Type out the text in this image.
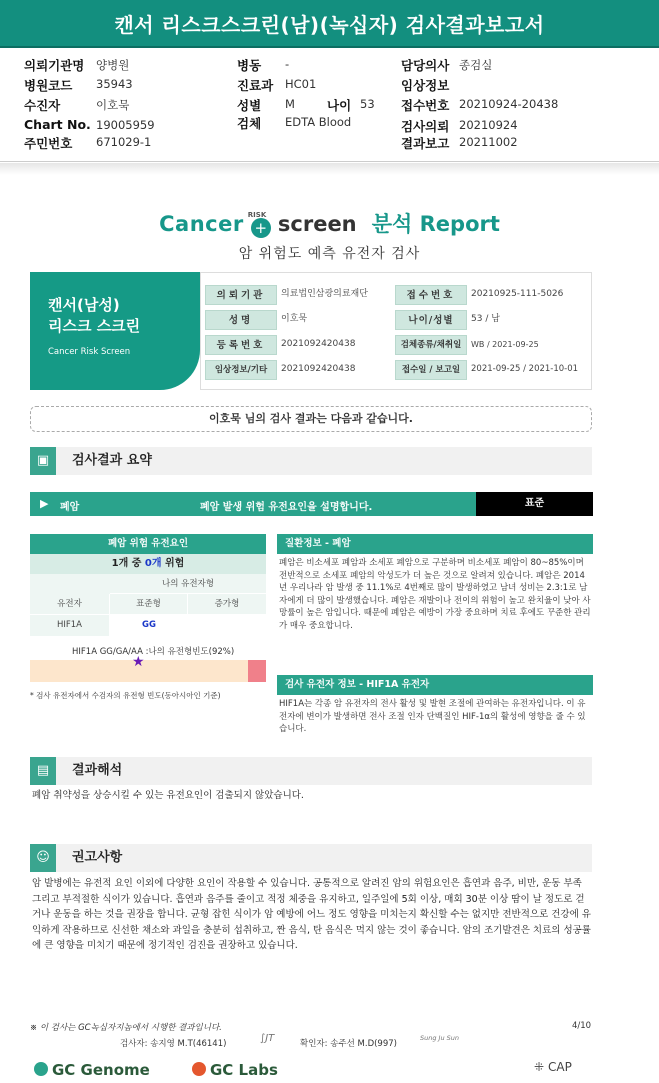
캔서 리스크스크린(남)(녹십자) 검사결과보고서
의뢰기관명 양병원
병원코드 35943
수진자	이호묵
Chart No. 19005959
주민번호 671029-1
병동 -
진료과 HC01
성별 M	나이 53
검체 EDTA Blood
담당의사 종검실
임상정보
접수번호 20210924-20438
검사의뢰 20210924
결과보고 20211002
Cancer +
RISK screen 분석 Report
암 위험도 예측 유전자 검사
캔서(남성)
리스크 스크린
Cancer Risk Screen
의뢰기관	의료법인삼광의료재단	접수번호	20210925-111-5026
성명	이호묵	나이/성별	53 / 남
등록번호	2021092420438	검체종류/채취일	WB / 2021-09-25
임상정보/기타	2021092420438	접수일 / 보고일	2021-09-25 / 2021-10-01
이호묵 님의 검사 결과는 다음과 같습니다.
▣	검사결과 요약
▶ 폐암	폐암 발생 위험 유전요인을 설명합니다.	표준
폐암 위험 유전요인
1개 중 0개 위험
나의 유전자형
유전자	표준형	증가형
HIF1A	GG
HIF1A GG/GA/AA :나의 유전형빈도(92%)
★
* 검사 유전자에서 수검자의 유전형 빈도(동아시아인 기준)
질환정보 - 폐암
폐암은 비소세포 폐암과 소세포 폐암으로 구분하며 비소세포 폐암이 80~85%이며 전반적으로 소세포 폐암의 악성도가 더 높은 것으로 알려져 있습니다. 폐암은 2014년 우리나라 암 발생 중 11.1%로 4번째로 많이 발생하였고 남녀 성비는 2.3:1로 남자에게 더 많이 발생했습니다. 폐암은 재발이나 전이의 위험이 높고 완치율이 낮아 사망률이 높은 암입니다. 때문에 폐암은 예방이 가장 중요하며 치료 후에도 꾸준한 관리가 매우 중요합니다.
검사 유전자 정보 - HIF1A 유전자
HIF1A는 각종 암 유전자의 전사 활성 및 발현 조절에 관여하는 유전자입니다. 이 유전자에 변이가 발생하면 전사 조절 인자 단백질인 HIF-1α의 활성에 영향을 줄 수 있습니다.
▤	결과해석
폐암 취약성을 상승시킬 수 있는 유전요인이 검출되지 않았습니다.
☺	권고사항
암 발병에는 유전적 요인 이외에 다양한 요인이 작용할 수 있습니다. 공통적으로 알려진 암의 위험요인은 흡연과 음주, 비만, 운동 부족 그리고 부적절한 식이가 있습니다. 흡연과 음주를 줄이고 적정 체중을 유지하고, 일주일에 5회 이상, 매회 30분 이상 땀이 날 정도로 걷거나 운동을 하는 것을 권장을 합니다. 균형 잡힌 식이가 암 예방에 어느 정도 영향을 미치는지 확신할 수는 없지만 전반적으로 건강에 유익하게 작용하므로 신선한 채소와 과일을 충분히 섭취하고, 짠 음식, 탄 음식은 먹지 않는 것이 좋습니다. 암의 조기발견은 치료의 성공률에 큰 영향을 미치기 때문에 정기적인 검진을 권장하고 있습니다.
※ 이 검사는 GC녹십자지놈에서 시행한 결과입니다.	4/10
검사자: 송지영 M.T(46141)	∫JT	확인자: 송주선 M.D(997)
Sung Ju Sun
GC Genome	GC Labs	⁜ CAP
